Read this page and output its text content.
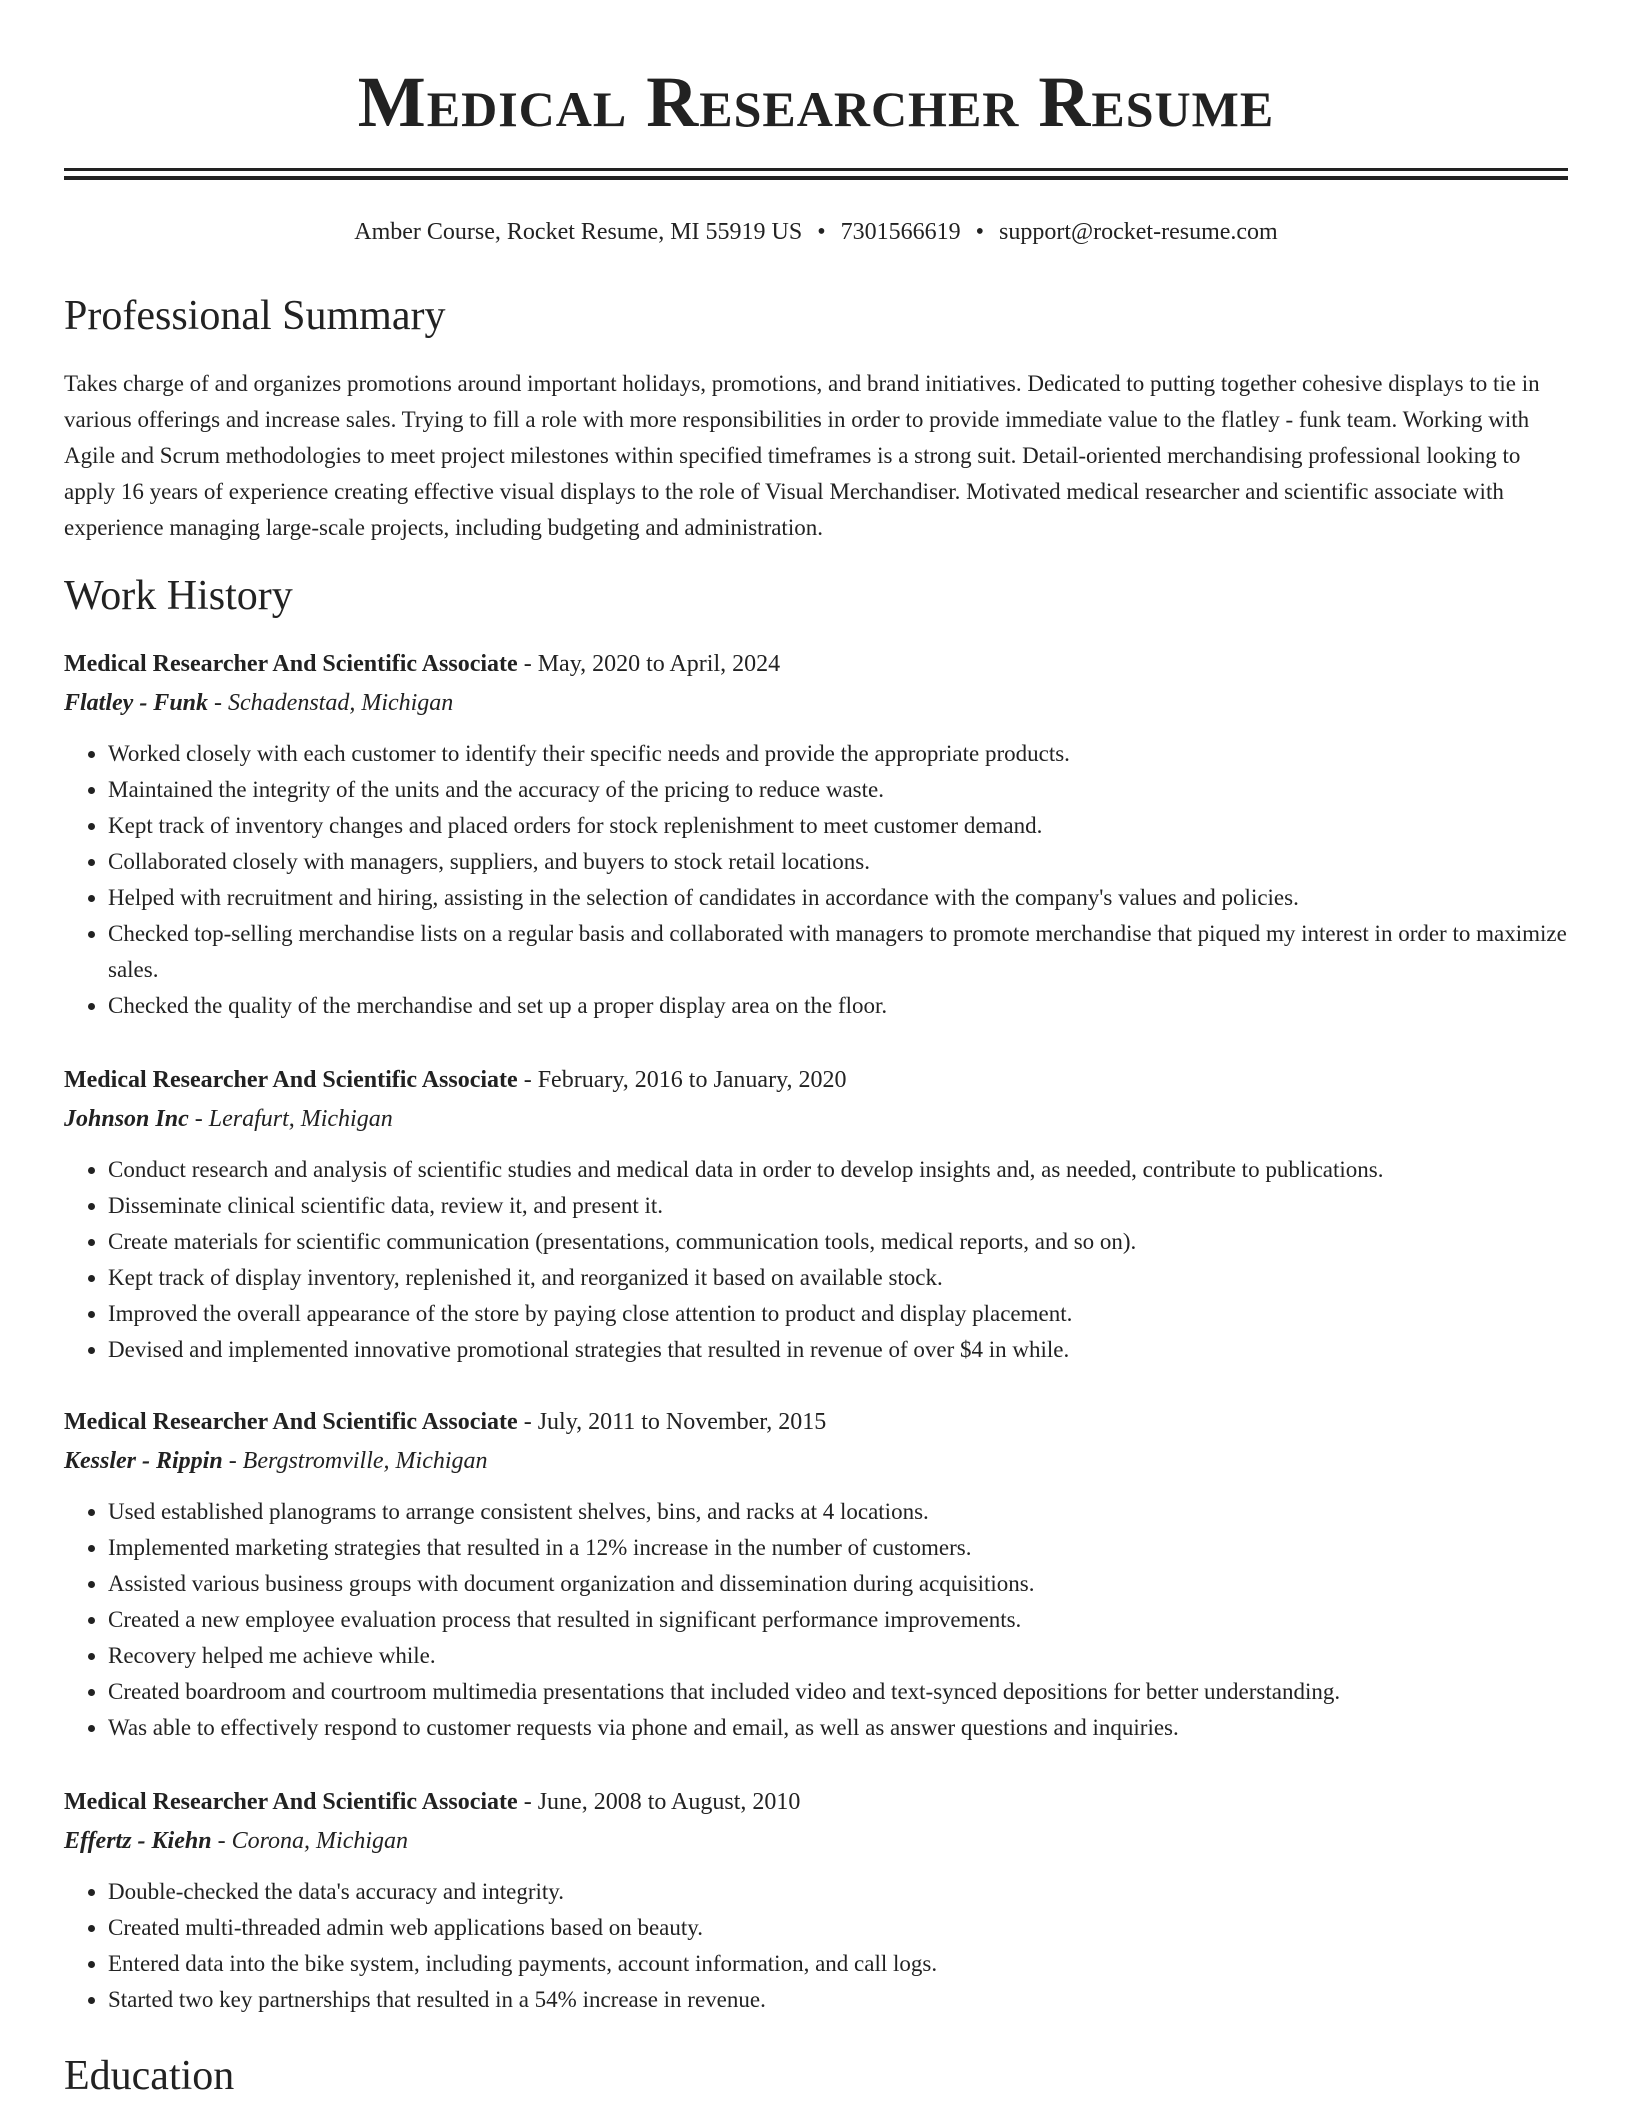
Medical Researcher Resume
Amber Course, Rocket Resume, MI 55919 US • 7301566619 • support@rocket-resume.com
Professional Summary

Takes charge of and organizes promotions around important holidays, promotions, and brand initiatives. Dedicated to putting together cohesive displays to tie in various offerings and increase sales. Trying to fill a role with more responsibilities in order to provide immediate value to the flatley - funk team. Working with Agile and Scrum methodologies to meet project milestones within specified timeframes is a strong suit. Detail-oriented merchandising professional looking to apply 16 years of experience creating effective visual displays to the role of Visual Merchandiser. Motivated medical researcher and scientific associate with experience managing large-scale projects, including budgeting and administration.

Work History
Medical Researcher And Scientific Associate - May, 2020 to April, 2024
Flatley - Funk - Schadenstad, Michigan
• Worked closely with each customer to identify their specific needs and provide the appropriate products.
• Maintained the integrity of the units and the accuracy of the pricing to reduce waste.
• Kept track of inventory changes and placed orders for stock replenishment to meet customer demand.
• Collaborated closely with managers, suppliers, and buyers to stock retail locations.
• Helped with recruitment and hiring, assisting in the selection of candidates in accordance with the company's values and policies.
• Checked top-selling merchandise lists on a regular basis and collaborated with managers to promote merchandise that piqued my interest in order to maximize sales.
• Checked the quality of the merchandise and set up a proper display area on the floor.
Medical Researcher And Scientific Associate - February, 2016 to January, 2020
Johnson Inc - Lerafurt, Michigan
• Conduct research and analysis of scientific studies and medical data in order to develop insights and, as needed, contribute to publications.
• Disseminate clinical scientific data, review it, and present it.
• Create materials for scientific communication (presentations, communication tools, medical reports, and so on).
• Kept track of display inventory, replenished it, and reorganized it based on available stock.
• Improved the overall appearance of the store by paying close attention to product and display placement.
• Devised and implemented innovative promotional strategies that resulted in revenue of over $4 in while.
Medical Researcher And Scientific Associate - July, 2011 to November, 2015
Kessler - Rippin - Bergstromville, Michigan
• Used established planograms to arrange consistent shelves, bins, and racks at 4 locations.
• Implemented marketing strategies that resulted in a 12% increase in the number of customers.
• Assisted various business groups with document organization and dissemination during acquisitions.
• Created a new employee evaluation process that resulted in significant performance improvements.
• Recovery helped me achieve while.
• Created boardroom and courtroom multimedia presentations that included video and text-synced depositions for better understanding.
• Was able to effectively respond to customer requests via phone and email, as well as answer questions and inquiries.
Medical Researcher And Scientific Associate - June, 2008 to August, 2010
Effertz - Kiehn - Corona, Michigan
• Double-checked the data's accuracy and integrity.
• Created multi-threaded admin web applications based on beauty.
• Entered data into the bike system, including payments, account information, and call logs.
• Started two key partnerships that resulted in a 54% increase in revenue.
Education
